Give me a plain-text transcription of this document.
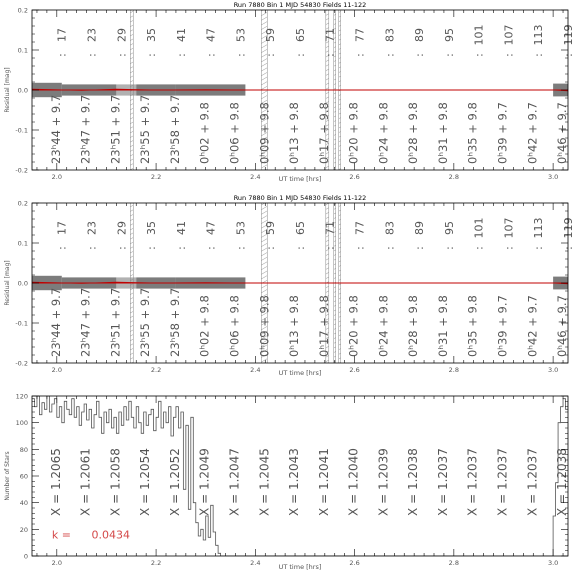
17
:
23
:
29
:
35
:
41
:
47
:
53
:
59
:
65
:
71
:
77
:
83
:
89
:
95
:
101
:
107
:
113
:
119
:
23ʰ44 + 9.7 23ʰ47 + 9.7 23ʰ51 + 9.7 23ʰ55 + 9.7 23ʰ58 + 9.7 0ʰ02 + 9.8 0ʰ06 + 9.8 0ʰ09 + 9.8 0ʰ13 + 9.8 0ʰ17 + 9.8 0ʰ20 + 9.8 0ʰ24 + 9.8 0ʰ28 + 9.8 0ʰ31 + 9.8 0ʰ35 + 9.8 0ʰ39 + 9.7 0ʰ42 + 9.7 0ʰ46 + 9.7
2.0	2.2	2.4	2.6	2.8	3.0
-0.2
-0.1
0.0
0.1
0.2
Run 7880 Bin 1 MJD 54830 Fields 11-122
UT time [hrs]
Residual [mag]
17
:
23
:
29
:
35
:
41
:
47
:
53
:
59
:
65
:
71
:
77
:
83
:
89
:
95
:
101
:
107
:
113
:
119
:
23ʰ44 + 9.7 23ʰ47 + 9.7 23ʰ51 + 9.7 23ʰ55 + 9.7 23ʰ58 + 9.7 0ʰ02 + 9.8 0ʰ06 + 9.8 0ʰ09 + 9.8 0ʰ13 + 9.8 0ʰ17 + 9.8 0ʰ20 + 9.8 0ʰ24 + 9.8 0ʰ28 + 9.8 0ʰ31 + 9.8 0ʰ35 + 9.8 0ʰ39 + 9.7 0ʰ42 + 9.7 0ʰ46 + 9.7
2.0	2.2	2.4	2.6	2.8	3.0
-0.2
-0.1
0.0
0.1
0.2
Run 7880 Bin 1 MJD 54830 Fields 11-122
UT time [hrs]
Residual [mag]
X = 1.2065 X = 1.2061 X = 1.2058 X = 1.2054 X = 1.2052 X = 1.2049 X = 1.2047 X = 1.2045 X = 1.2043 X = 1.2041 X = 1.2040 X = 1.2039 X = 1.2038 X = 1.2037 X = 1.2037 X = 1.2037 X = 1.2037 X = 1.2038
k = 0.0434
2.0	2.2	2.4	2.6	2.8	3.0
0
20
40
60
80
100
120
UT time [hrs]
Number of Stars
